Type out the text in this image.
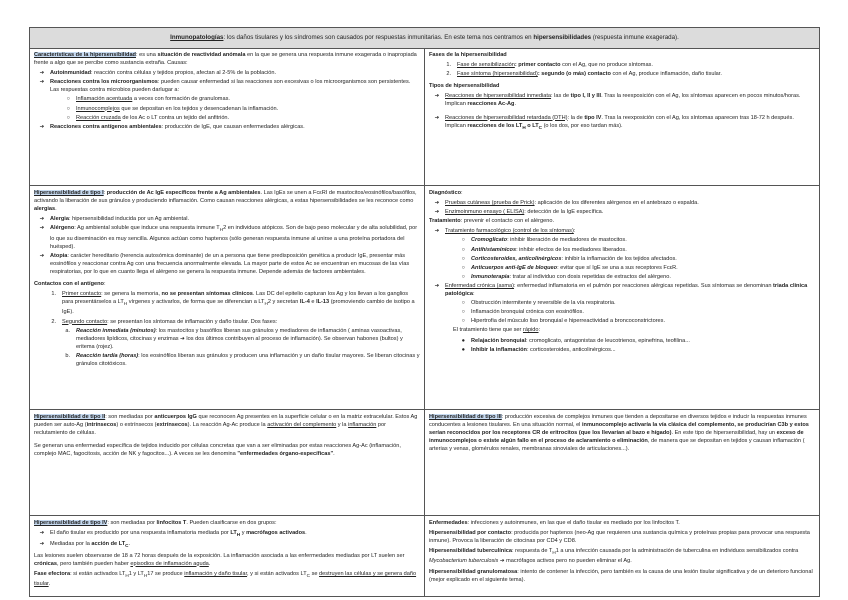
Inmunopatologías: los daños tisulares y los síndromes son causados por respuestas inmunitarias. En este tema nos centramos en hipersensibilidades (respuesta inmune exagerada).

Características de la hipersensibilidad: es una situación de reactividad anómala en la que se genera una respuesta inmune exagerada o inapropiada frente a algo que se percibe como sustancia extraña. Causas:

➔	Autoinmunidad: reacción contra células y tejidos propios, afectan al 2-5% de la población.
➔	Reacciones contra los microorganismos: pueden causar enfermedad si las reacciones son excesivas o los microorganismos son persistentes. Las respuestas contra microbios pueden darlugar a:
○	Inflamación acentuada a veces con formación de granulomas.
○	Inmunocomplejos que se depositan en los tejidos y desencadenan la inflamación.
○	Reacción cruzada de los Ac o LT contra un tejido del anfitrión.
➔	Reacciones contra antígenos ambientales: producción de IgE, que causan enfermedades alérgicas.

Fases de la hipersensibilidad

1.	Fase de sensibilización: primer contacto con el Ag, que no produce síntomas.
2.	Fase síntoma (hipersensibilidad): segundo (o más) contacto con el Ag, produce inflamación, daño tisular.

Tipos de hipersensibilidad

➔	Reacciones de hipersensibilidad inmediata: las de tipo I, II y III. Tras la reexposición con el Ag, los síntomas aparecen en pocos minutos/horas. Implican reacciones Ac-Ag.
➔	Reacciones de hipersensibilidad retardada (DTH): la de tipo IV. Tras la reexposición con el Ag, los síntomas aparecen tras 18-72 h después. Implican reacciones de los $LT_H$ o $LT_C$ (o los dos, por eso tardan más).

Hipersensibilidad de tipo I: producción de Ac IgE específicos frente a Ag ambientales. Las IgEs se unen a FcεRI de mastocitos/eosinófilos/basófilos, activando la liberación de sus gránulos y produciendo inflamación. Como causan reacciones alérgicas, a estas hipersensibilidades se les reconoce como alergias.

➔	Alergia: hipersensibilidad inducida por un Ag ambiental.
➔	Alérgeno: Ag ambiental soluble que induce una respuesta inmune $T_H2$ en individuos atópicos. Son de bajo peso molecular y de alta solubilidad, por lo que su diseminación es muy sencilla. Algunos actúan como haptenos (sólo generan respuesta inmune al unirse a una proteína portadora del huésped).
➔	Atopia: carácter hereditario (herencia autosómica dominante) de un a persona que tiene predisposición genética a producir IgE, presentar más eosinófilos y reaccionar contra Ag con una frecuencia anormalmente elevada. La mayor parte de estos Ac se encuentran en mucosas de las vías respiratorias, por lo que en cuanto llega el alérgeno se genera la respuesta inmune. Depende además de factores ambientales.

Contactos con el antígeno:

1.	Primer contacto: se genera la memoria, no se presentan síntomas clínicos. Las DC del epitelio capturan los Ag y los llevan a los ganglios para presentárselos a $LT_H$ vírgenes y activarlos, de forma que se diferencian a $LT_H2$ y secretan IL-4 e IL-13 (promoviendo cambio de isotipo a IgE).
2.	Segundo contacto: se presentan los síntomas de inflamación y daño tisular. Dos fases:
a.	Reacción inmediata (minutos): los mastocitos y basófilos liberan sus gránulos y mediadores de inflamación ( aminas vasoactivas, mediadores lipídicos, citocinas y enzimas ➔ los dos últimos contribuyen al proceso de inflamación). Se observan habones (bultos) y eritema (rojez).
b.	Reacción tardía (horas): los eosinófilos liberan sus gránulos y producen una inflamación y un daño tisular mayores. Se liberan citocinas y gránulos citotóxicos.

Diagnóstico:

➔	Pruebas cutáneas (prueba de Prick): aplicación de los diferentes alérgenos en el antebrazo o espalda.
➔	Enzimoinmuno ensayo ( ELISA): detección de la IgE específica.

Tratamiento: prevenir el contacto con el alérgeno.

➔	Tratamiento farmacológico (control de los síntomas):
○	Cromoglicato: inhibir liberación de mediadores de mastocitos.
○	Antihistamínicos: inhibir efectos de los mediadores liberados.
○	Corticosteroides, anticolinérgicos: inhibir la inflamación de los tejidos afectados.
○	Anticuerpos anti-IgE de bloqueo: evitar que sí IgE se una a sus receptores FcεR.
○	Inmunoterapia: tratar al individuo con dosis repetidas de extractos del alérgeno.
➔	Enfermedad crónica (asma): enfermedad inflamatoria en el pulmón por reacciones alérgicas repetidas. Sus síntomas se denominan triada clínica patológica:
○	Obstrucción intermitente y reversible de la vía respiratoria.
○	Inflamación bronquial crónica con eosinófilos.
○	Hipertrofia del músculo liso bronquial e hiperreactividad a broncoconstrictores.

El tratamiento tiene que ser rápido:

●	Relajación bronquial: cromoglicato, antagonistas de leucotrienos, epinefrina, teofilina...
●	Inhibir la inflamación: corticosteroides, anticolinérgicos...

Hipersensibilidad de tipo II: son mediadas por anticuerpos IgG que reconocen Ag presentes en la superficie celular o en la matriz extracelular. Estos Ag pueden ser auto-Ag (intrínsecos) o extrínsecos (extrínsecos). La reacción Ag-Ac produce la activación del complemento y la inflamación por reclutamiento de células.

Se generan una enfermedad específica de tejidos inducido por células concretas que van a ser eliminadas por estas reacciones Ag-Ac (inflamación, complejo MAC, fagocitosis, acción de NK y fagocitos...). A veces se les denomina "enfermedades órgano-específicas".

Hipersensibilidad de tipo III: producción excesiva de complejos inmunes que tienden a depositarse en diversos tejidos e inducir la respuestas inmunes conducentes a lesiones tisulares. En una situación normal, el inmunocomplejo activaría la vía clásica del complemento, se producirían C3b y estos serían reconocidos por los receptores CR de eritrocitos (que los llevarían al bazo e hígado). En este tipo de hipersensibilidad, hay un exceso de inmunocomplejos o existe algún fallo en el proceso de aclaramiento o eliminación, de manera que se depositan en tejidos y causan inflamación ( arterias y venas, glomérulos renales, membranas sinoviales de articulaciones...).

Hipersensibilidad de tipo IV: son mediadas por linfocitos T. Pueden clasificarse en dos grupos:

➔	El daño tisular es producido por una respuesta inflamatoria mediada por $LT_H$ y macrófagos activados.
➔	Mediadas por la acción de $LT_C$.

Las lesiones suelen observarse de 18 a 72 horas después de la exposición. La inflamación asociada a las enfermedades mediadas por LT suelen ser crónicas, pero también pueden haber episodios de inflamación aguda.

Fase efectora: si están activados $LT_H1$ y $LT_H17$ se produce inflamación y daño tisular, y si están activados $LT_C$ se destruyen las células y se genera daño tisular.

Enfermedades: infecciones y autoinmunes, en las que el daño tisular es mediado por los linfocitos T.

Hipersensibilidad por contacto: producida por haptenos (neo-Ag que requieren una sustancia química y proteínas propias para provocar una respuesta inmune). Provoca la liberación de citocinas por CD4 y CD8.

Hipersensibilidad tuberculínica: respuesta de $T_H1$ a una infección causada por la administración de tuberculina en individuos sensibilizados contra Mycobacterium tuberculosis ➔ macrófagos activos pero no pueden eliminar el Ag.

Hipersensibilidad granulomatosa: intento de contener la infección, pero también es la causa de una lesión tisular significativa y de un deterioro funcional (mejor explicado en el siguiente tema).
